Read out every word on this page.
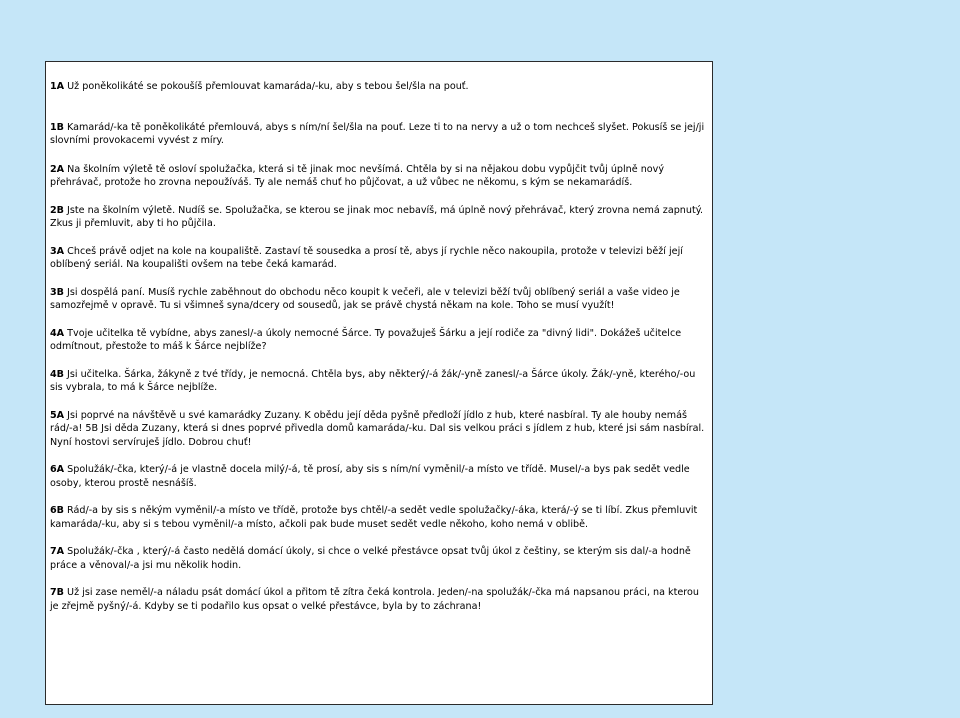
1A Už poněkolikáté se pokoušíš přemlouvat kamaráda/-ku, aby s tebou šel/šla na pouť.

1B Kamarád/-ka tě poněkolikáté přemlouvá, abys s ním/ní šel/šla na pouť. Leze ti to na nervy a už o tom nechceš slyšet. Pokusíš se jej/ji slovními provokacemi vyvést z míry.

2A Na školním výletě tě osloví spolužačka, která si tě jinak moc nevšímá. Chtěla by si na nějakou dobu vypůjčit tvůj úplně nový přehrávač, protože ho zrovna nepoužíváš. Ty ale nemáš chuť ho půjčovat, a už vůbec ne někomu, s kým se nekamarádíš.

2B Jste na školním výletě. Nudíš se. Spolužačka, se kterou se jinak moc nebavíš, má úplně nový přehrávač, který zrovna nemá zapnutý. Zkus ji přemluvit, aby ti ho půjčila.

3A Chceš právě odjet na kole na koupaliště. Zastaví tě sousedka a prosí tě, abys jí rychle něco nakoupila, protože v televizi běží její oblíbený seriál. Na koupališti ovšem na tebe čeká kamarád.

3B Jsi dospělá paní. Musíš rychle zaběhnout do obchodu něco koupit k večeři, ale v televizi běží tvůj oblíbený seriál a vaše video je samozřejmě v opravě. Tu si všimneš syna/dcery od sousedů, jak se právě chystá někam na kole. Toho se musí využít!

4A Tvoje učitelka tě vybídne, abys zanesl/-a úkoly nemocné Šárce. Ty považuješ Šárku a její rodiče za "divný lidi". Dokážeš učitelce odmítnout, přestože to máš k Šárce nejblíže?

4B Jsi učitelka. Šárka, žákyně z tvé třídy, je nemocná. Chtěla bys, aby některý/-á žák/-yně zanesl/-a Šárce úkoly. Žák/-yně, kterého/-ou sis vybrala, to má k Šárce nejblíže.

5A Jsi poprvé na návštěvě u své kamarádky Zuzany. K obědu její děda pyšně předloží jídlo z hub, které nasbíral. Ty ale houby nemáš rád/-a! 5B Jsi děda Zuzany, která si dnes poprvé přivedla domů kamaráda/-ku. Dal sis velkou práci s jídlem z hub, které jsi sám nasbíral. Nyní hostovi servíruješ jídlo. Dobrou chuť!

6A Spolužák/-čka, který/-á je vlastně docela milý/-á, tě prosí, aby sis s ním/ní vyměnil/-a místo ve třídě. Musel/-a bys pak sedět vedle osoby, kterou prostě nesnášíš.

6B Rád/-a by sis s někým vyměnil/-a místo ve třídě, protože bys chtěl/-a sedět vedle spolužačky/-áka, která/-ý se ti líbí. Zkus přemluvit kamaráda/-ku, aby si s tebou vyměnil/-a místo, ačkoli pak bude muset sedět vedle někoho, koho nemá v oblibě.

7A Spolužák/-čka , který/-á často nedělá domácí úkoly, si chce o velké přestávce opsat tvůj úkol z češtiny, se kterým sis dal/-a hodně práce a věnoval/-a jsi mu několik hodin.

7B Už jsi zase neměl/-a náladu psát domácí úkol a přitom tě zítra čeká kontrola. Jeden/-na spolužák/-čka má napsanou práci, na kterou je zřejmě pyšný/-á. Kdyby se ti podařilo kus opsat o velké přestávce, byla by to záchrana!
